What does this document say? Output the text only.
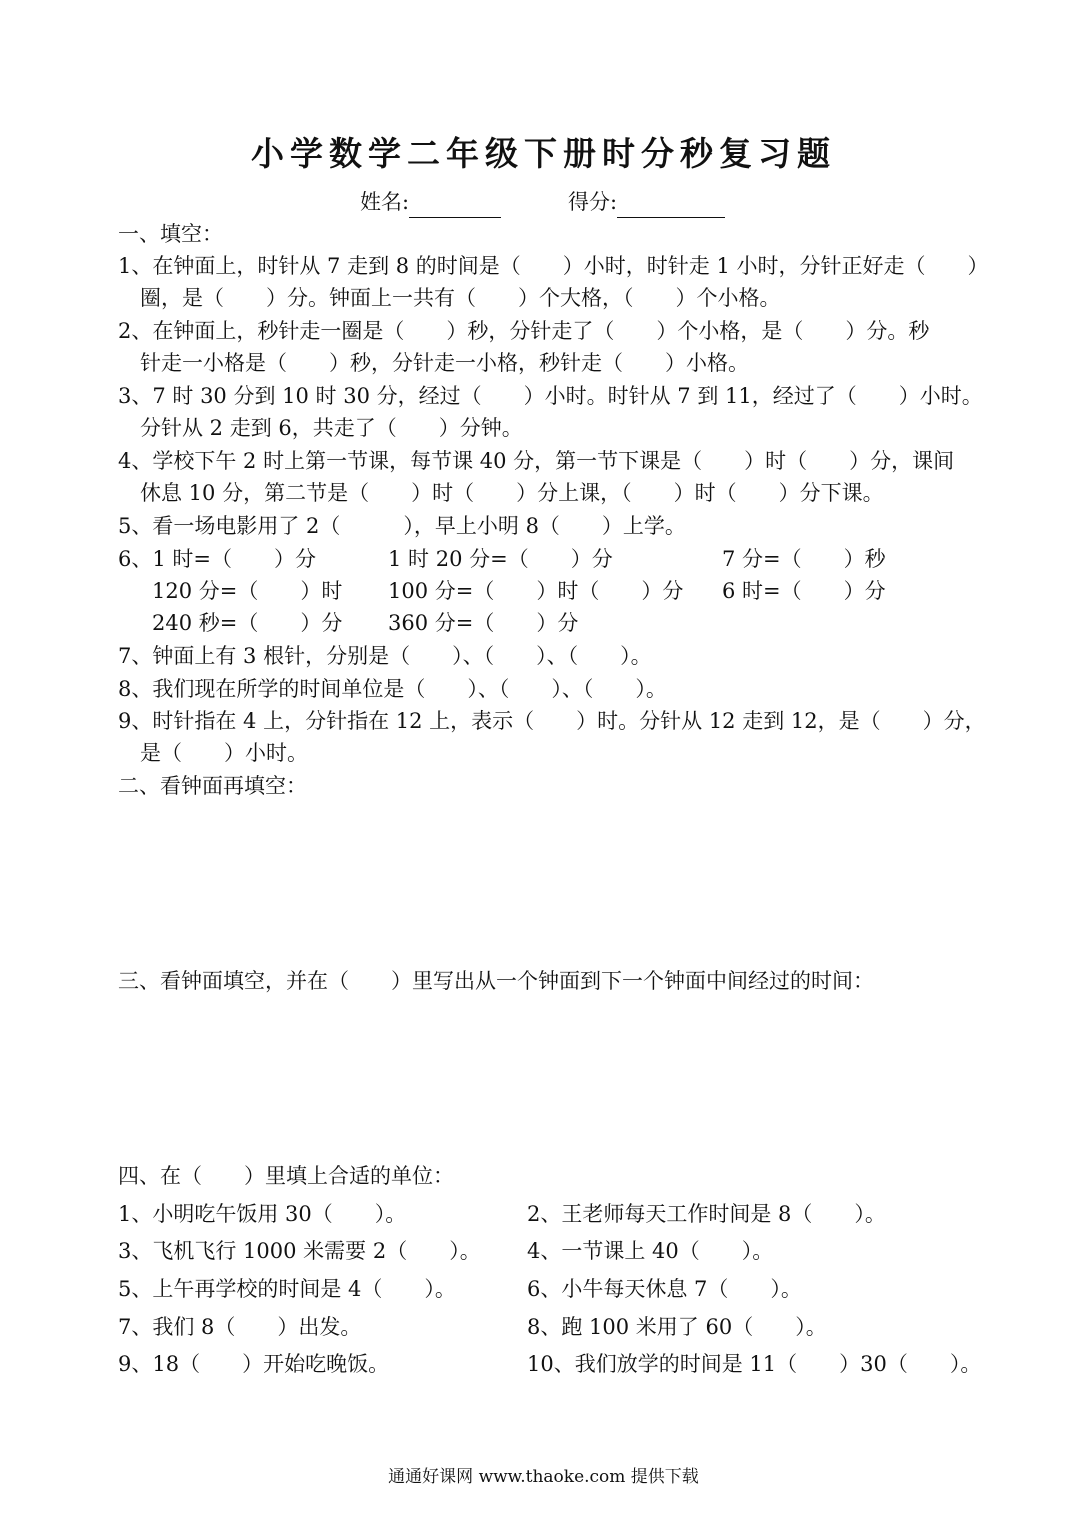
小学数学二年级下册时分秒复习题
姓名:	得分:
一、填空：
1、在钟面上，时针从 7 走到 8 的时间是（　　）小时，时针走 1 小时，分针正好走（　　）
圈，是（　　）分。钟面上一共有（　　）个大格，（　　）个小格。
2、在钟面上，秒针走一圈是（　　）秒，分针走了（　　）个小格，是（　　）分。秒
针走一小格是（　　）秒，分针走一小格，秒针走（　　）小格。
3、7 时 30 分到 10 时 30 分，经过（　　）小时。时针从 7 到 11，经过了（　　）小时。
分针从 2 走到 6，共走了（　　）分钟。
4、学校下午 2 时上第一节课，每节课 40 分，第一节下课是（　　）时（　　）分，课间
休息 10 分，第二节是（　　）时（　　）分上课，（　　）时（　　）分下课。
5、看一场电影用了 2（　　　），早上小明 8（　　）上学。
6、1 时=（　　）分	1 时 20 分=（　　）分	7 分=（　　）秒
120 分=（　　）时 100 分=（　　）时（　　）分 6 时=（　　）分
240 秒=（　　）分 360 分=（　　）分
7、钟面上有 3 根针，分别是（　　）、（　　）、（　　）。
8、我们现在所学的时间单位是（　　）、（　　）、（　　）。
9、时针指在 4 上，分针指在 12 上，表示（　　）时。分针从 12 走到 12，是（　　）分，
是（　　）小时。
二、看钟面再填空：
三、看钟面填空，并在（　　）里写出从一个钟面到下一个钟面中间经过的时间：
四、在（　　）里填上合适的单位：
1、小明吃午饭用 30（　　）。	2、王老师每天工作时间是 8（　　）。
3、飞机飞行 1000 米需要 2（　　）。 4、一节课上 40（　　）。
5、上午再学校的时间是 4（　　）。	6、小牛每天休息 7（　　）。
7、我们 8（　　）出发。	8、跑 100 米用了 60（　　）。
9、18（　　）开始吃晚饭。	10、我们放学的时间是 11（　　）30（　　）。
通通好课网 www.thaoke.com 提供下载
